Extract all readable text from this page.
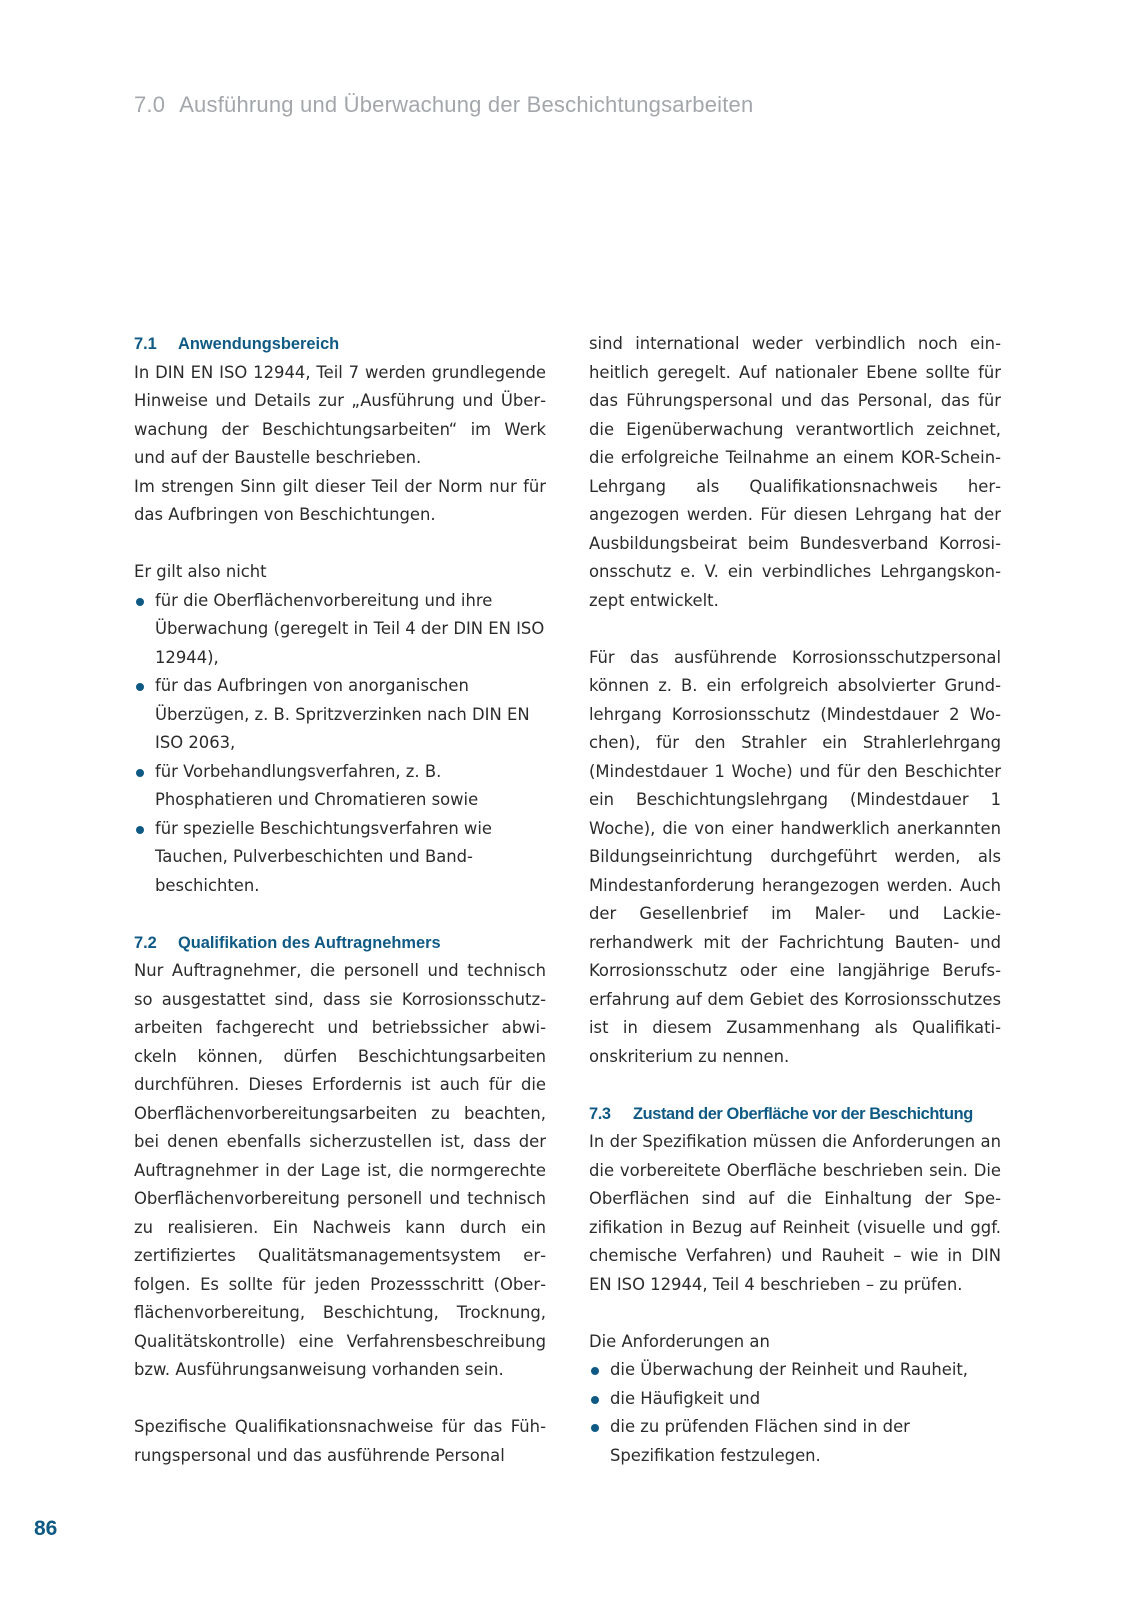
7.0 Ausführung und Überwachung der Beschichtungsarbeiten
7.1 Anwendungsbereich

In DIN EN ISO 12944, Teil 7 werden grundlegende Hinweise und Details zur „Ausführung und Überwachung der Beschichtungsarbeiten“ im Werk und auf der Baustelle beschrieben.

Im strengen Sinn gilt dieser Teil der Norm nur für das Aufbringen von Beschichtungen.

Er gilt also nicht

für die Oberflächenvorbereitung und ihre Überwachung (geregelt in Teil 4 der DIN EN ISO 12944),
für das Aufbringen von anorganischen Überzügen, z. B. Spritzverzinken nach DIN EN ISO 2063,
für Vorbehandlungsverfahren, z. B. Phosphatieren und Chromatieren sowie
für spezielle Beschichtungsverfahren wie Tauchen, Pulverbeschichten und Bandbeschichten.
7.2 Qualifikation des Auftragnehmers

Nur Auftragnehmer, die personell und technisch so ausgestattet sind, dass sie Korrosionsschutzarbeiten fachgerecht und betriebssicher abwickeln können, dürfen Beschichtungsarbeiten durchführen. Dieses Erfordernis ist auch für die Oberflächenvorbereitungsarbeiten zu beachten, bei denen ebenfalls sicherzustellen ist, dass der Auftragnehmer in der Lage ist, die normgerechte Oberflächenvorbereitung personell und technisch zu realisieren. Ein Nachweis kann durch ein zertifiziertes Qualitätsmanagementsystem erfolgen. Es sollte für jeden Prozessschritt (Oberflächenvorbereitung, Beschichtung, Trocknung, Qualitätskontrolle) eine Verfahrensbeschreibung bzw. Ausführungsanweisung vorhanden sein.

Spezifische Qualifikationsnachweise für das Führungspersonal und das ausführende Personal

sind international weder verbindlich noch einheitlich geregelt. Auf nationaler Ebene sollte für das Führungspersonal und das Personal, das für die Eigenüberwachung verantwortlich zeichnet, die erfolgreiche Teilnahme an einem KOR-Schein-Lehrgang als Qualifikationsnachweis herangezogen werden. Für diesen Lehrgang hat der Ausbildungsbeirat beim Bundesverband Korrosionsschutz e. V. ein verbindliches Lehrgangskonzept entwickelt.

Für das ausführende Korrosionsschutzpersonal können z. B. ein erfolgreich absolvierter Grundlehrgang Korrosionsschutz (Mindestdauer 2 Wochen), für den Strahler ein Strahlerlehrgang (Mindestdauer 1 Woche) und für den Beschichter ein Beschichtungslehrgang (Mindestdauer 1 Woche), die von einer handwerklich anerkannten Bildungseinrichtung durchgeführt werden, als Mindestanforderung herangezogen werden. Auch der Gesellenbrief im Maler- und Lackiererhandwerk mit der Fachrichtung Bauten- und Korrosionsschutz oder eine langjährige Berufserfahrung auf dem Gebiet des Korrosionsschutzes ist in diesem Zusammenhang als Qualifikationskriterium zu nennen.

7.3 Zustand der Oberfläche vor der Beschichtung

In der Spezifikation müssen die Anforderungen an die vorbereitete Oberfläche beschrieben sein. Die Oberflächen sind auf die Einhaltung der Spezifikation in Bezug auf Reinheit (visuelle und ggf. chemische Verfahren) und Rauheit – wie in DIN EN ISO 12944, Teil 4 beschrieben – zu prüfen.

Die Anforderungen an

die Überwachung der Reinheit und Rauheit,
die Häufigkeit und
die zu prüfenden Flächen sind in der Spezifikation festzulegen.
86
